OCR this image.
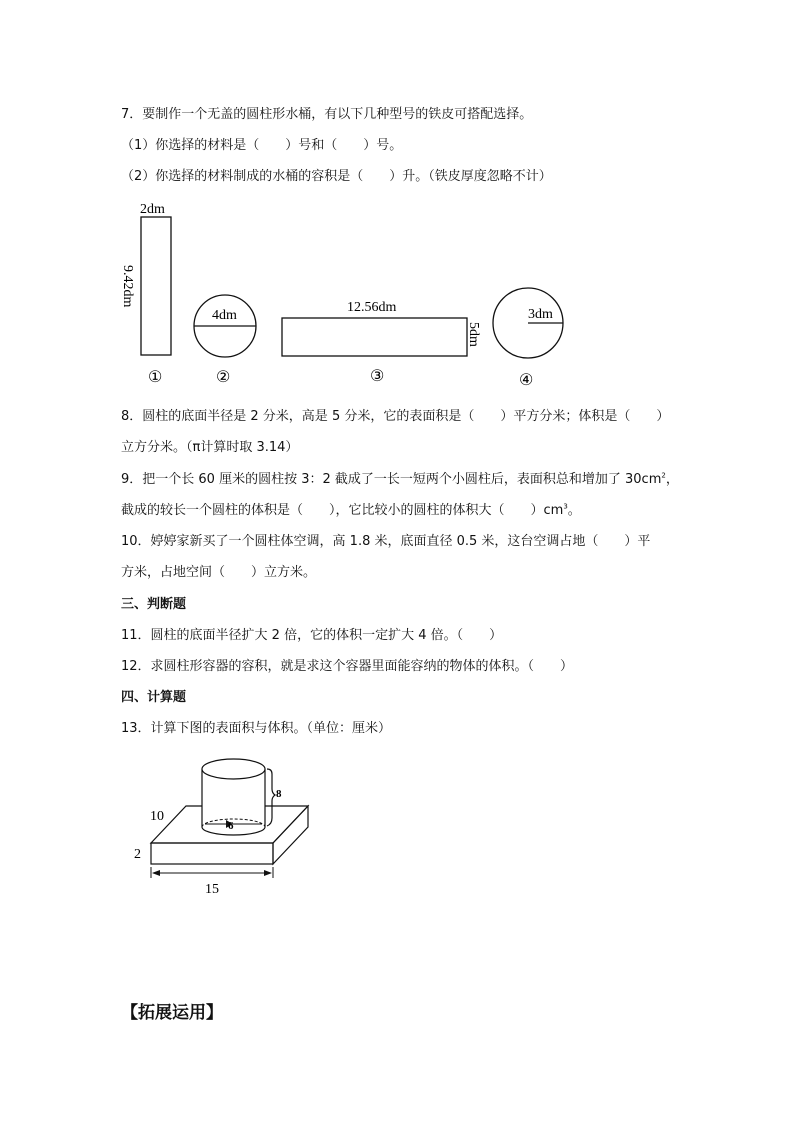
7．要制作一个无盖的圆柱形水桶，有以下几种型号的铁皮可搭配选择。
（1）你选择的材料是（　　）号和（　　）号。
（2）你选择的材料制成的水桶的容积是（　　）升。（铁皮厚度忽略不计）
2dm
9.42dm
①
4dm
②
12.56dm
5dm
③
3dm
④
8．圆柱的底面半径是 2 分米，高是 5 分米，它的表面积是（　　）平方分米；体积是（　　）
立方分米。（π计算时取 3.14）
9．把一个长 60 厘米的圆柱按 3：2 截成了一长一短两个小圆柱后，表面积总和增加了 $30cm^2$，
截成的较长一个圆柱的体积是（　　），它比较小的圆柱的体积大（　　）$cm^3$。
10．婷婷家新买了一个圆柱体空调，高 1.8 米，底面直径 0.5 米，这台空调占地（　　）平
方米，占地空间（　　）立方米。
三、判断题
11．圆柱的底面半径扩大 2 倍，它的体积一定扩大 4 倍。（　　）
12．求圆柱形容器的容积，就是求这个容器里面能容纳的物体的体积。（　　）
四、计算题
13．计算下图的表面积与体积。（单位：厘米）
6
8
10
2
15
【拓展运用】
